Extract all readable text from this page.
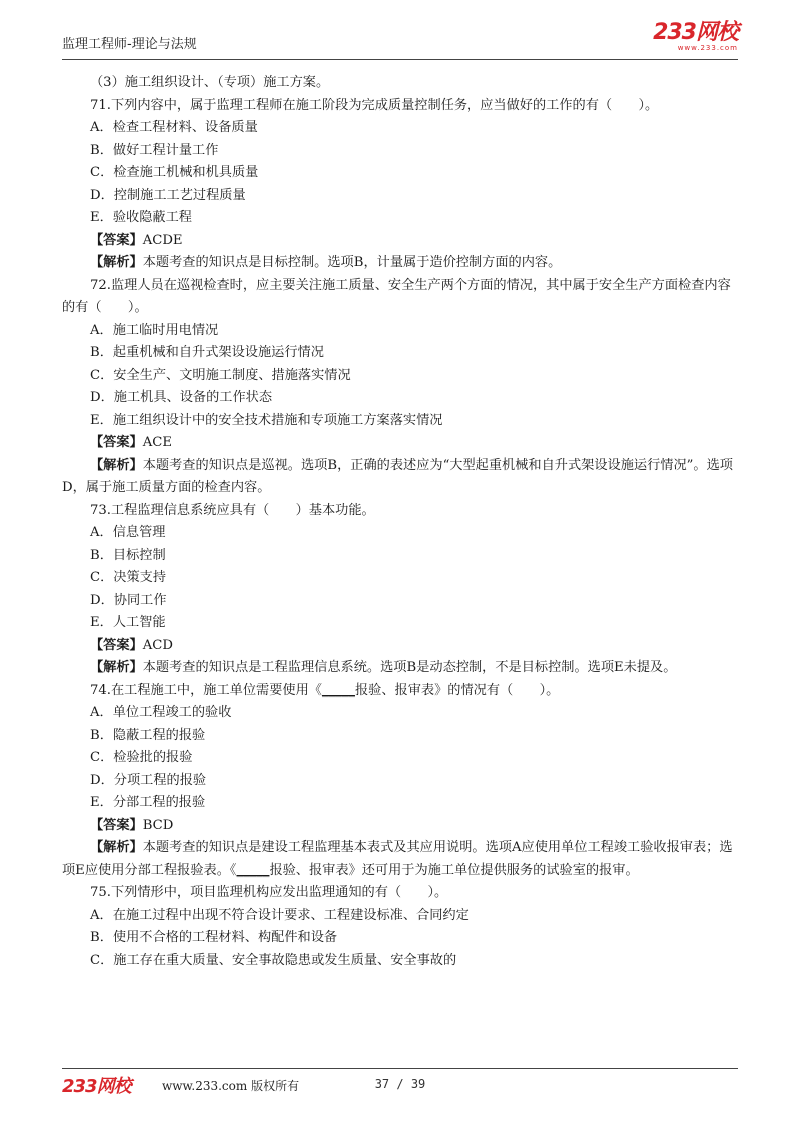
监理工程师-理论与法规	233网校
www.233.com
（3）施工组织设计、（专项）施工方案。
71.下列内容中，属于监理工程师在施工阶段为完成质量控制任务，应当做好的工作的有（　　）。
A．检查工程材料、设备质量
B．做好工程计量工作
C．检查施工机械和机具质量
D．控制施工工艺过程质量
E．验收隐蔽工程
【答案】ACDE
【解析】本题考查的知识点是目标控制。选项B，计量属于造价控制方面的内容。
72.监理人员在巡视检查时，应主要关注施工质量、安全生产两个方面的情况，其中属于安全生产方面检查内容的有（　　）。
A．施工临时用电情况
B．起重机械和自升式架设设施运行情况
C．安全生产、文明施工制度、措施落实情况
D．施工机具、设备的工作状态
E．施工组织设计中的安全技术措施和专项施工方案落实情况
【答案】ACE
【解析】本题考查的知识点是巡视。选项B，正确的表述应为“大型起重机械和自升式架设设施运行情况”。选项D，属于施工质量方面的检查内容。
73.工程监理信息系统应具有（　　）基本功能。
A．信息管理
B．目标控制
C．决策支持
D．协同工作
E．人工智能
【答案】ACD
【解析】本题考查的知识点是工程监理信息系统。选项B是动态控制，不是目标控制。选项E未提及。
74.在工程施工中，施工单位需要使用《_____报验、报审表》的情况有（　　）。
A．单位工程竣工的验收
B．隐蔽工程的报验
C．检验批的报验
D．分项工程的报验
E．分部工程的报验
【答案】BCD
【解析】本题考查的知识点是建设工程监理基本表式及其应用说明。选项A应使用单位工程竣工验收报审表；选项E应使用分部工程报验表。《_____报验、报审表》还可用于为施工单位提供服务的试验室的报审。
75.下列情形中，项目监理机构应发出监理通知的有（　　）。
A．在施工过程中出现不符合设计要求、工程建设标准、合同约定
B．使用不合格的工程材料、构配件和设备
C．施工存在重大质量、安全事故隐患或发生质量、安全事故的
233网校	www.233.com 版权所有	37 / 39
